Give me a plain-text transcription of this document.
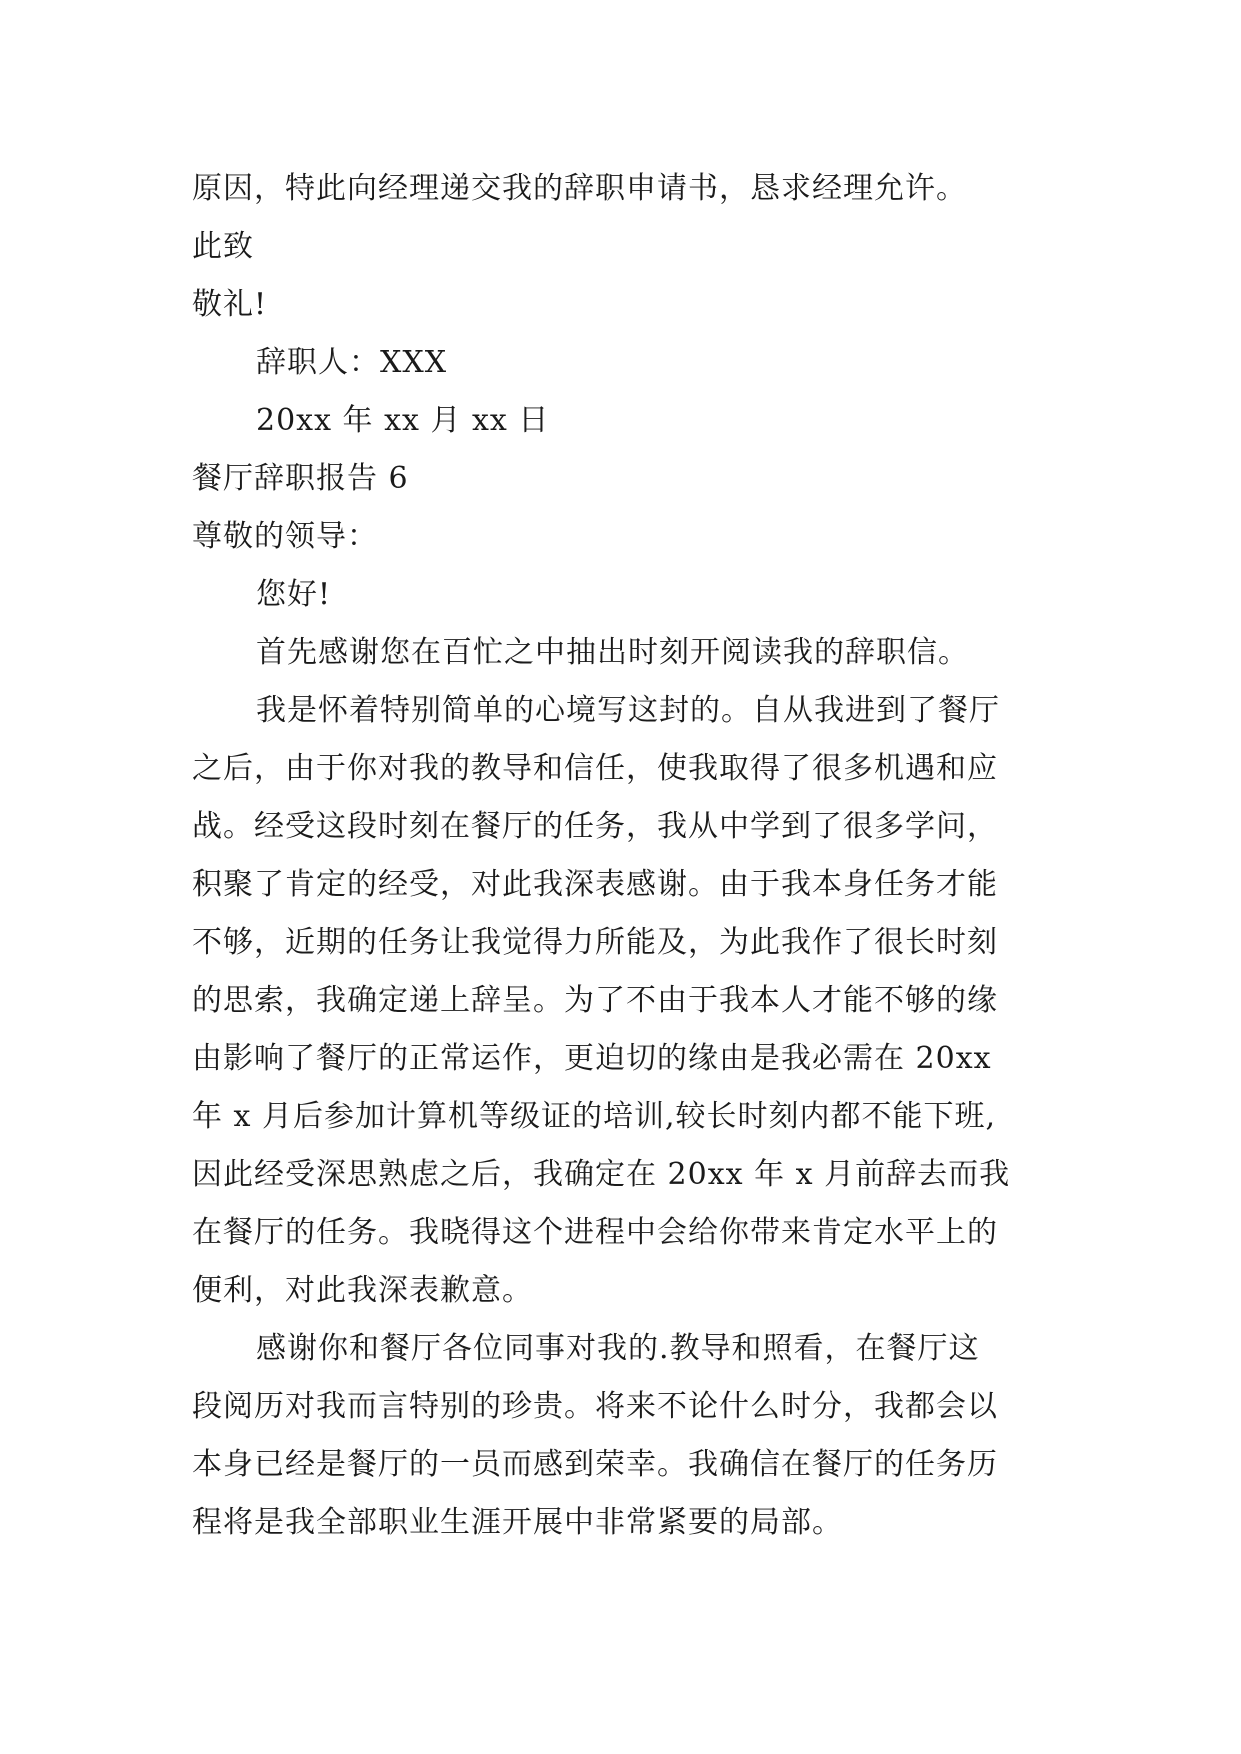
原因，特此向经理递交我的辞职申请书，恳求经理允许。
此致
敬礼!
辞职人：XXX
20xx 年 xx 月 xx 日
餐厅辞职报告 6
尊敬的领导：
您好!
首先感谢您在百忙之中抽出时刻开阅读我的辞职信。
我是怀着特别简单的心境写这封的。自从我进到了餐厅
之后，由于你对我的教导和信任，使我取得了很多机遇和应
战。经受这段时刻在餐厅的任务，我从中学到了很多学问，
积聚了肯定的经受，对此我深表感谢。由于我本身任务才能
不够，近期的任务让我觉得力所能及，为此我作了很长时刻
的思索，我确定递上辞呈。为了不由于我本人才能不够的缘
由影响了餐厅的正常运作，更迫切的缘由是我必需在 20xx
年 x 月后参加计算机等级证的培训,较长时刻内都不能下班,
因此经受深思熟虑之后，我确定在 20xx 年 x 月前辞去而我
在餐厅的任务。我晓得这个进程中会给你带来肯定水平上的
便利，对此我深表歉意。
感谢你和餐厅各位同事对我的.教导和照看，在餐厅这
段阅历对我而言特别的珍贵。将来不论什么时分，我都会以
本身已经是餐厅的一员而感到荣幸。我确信在餐厅的任务历
程将是我全部职业生涯开展中非常紧要的局部。
